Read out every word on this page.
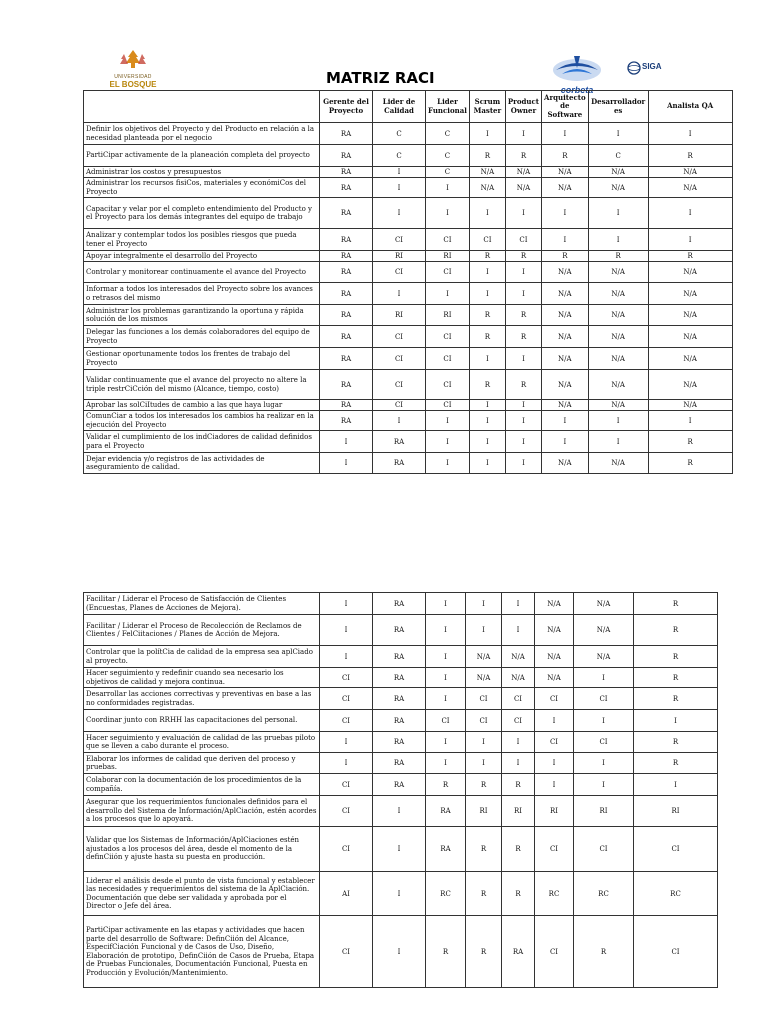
UNIVERSIDAD
EL BOSQUE	MATRIZ RACI
corbeta
SIGA
	Gerente del Proyecto	Lider de Calidad	Lider Funcional	Scrum Master	Product Owner	Arquitecto de Software	Desarrollador es	Analista QA
Definir los objetivos del Proyecto y del Producto en relación a la necesidad planteada por el negocio	RA	C	C	I	I	I	I	I
PartiCipar activamente de la planeación completa del proyecto	RA	C	C	R	R	R	C	R
Administrar los costos y presupuestos	RA	I	C	N/A	N/A	N/A	N/A	N/A
Administrar los recursos fisiCos, materiales y económiCos del Proyecto	RA	I	I	N/A	N/A	N/A	N/A	N/A
Capacitar y velar por el completo entendimiento del Producto y el Proyecto para los demás integrantes del equipo de trabajo	RA	I	I	I	I	I	I	I
Analizar y contemplar todos los posibles riesgos que pueda tener el Proyecto	RA	CI	CI	CI	CI	I	I	I
Apoyar integralmente el desarrollo del Proyecto	RA	RI	RI	R	R	R	R	R
Controlar y monitorear continuamente el avance del Proyecto	RA	CI	CI	I	I	N/A	N/A	N/A
Informar a todos los interesados del Proyecto sobre los avances o retrasos del mismo	RA	I	I	I	I	N/A	N/A	N/A
Administrar los problemas garantizando la oportuna y rápida solución de los mismos	RA	RI	RI	R	R	N/A	N/A	N/A
Delegar las funciones a los demás colaboradores del equipo de Proyecto	RA	CI	CI	R	R	N/A	N/A	N/A
Gestionar oportunamente todos los frentes de trabajo del Proyecto	RA	CI	CI	I	I	N/A	N/A	N/A
Validar continuamente que el avance del proyecto no altere la triple restrCiCción del mismo (Alcance, tiempo, costo)	RA	CI	CI	R	R	N/A	N/A	N/A
Aprobar las solCiItudes de cambio a las que haya lugar	RA	CI	CI	I	I	N/A	N/A	N/A
ComunCiar a todos los interesados los cambios ha realizar en la ejecución del Proyecto	RA	I	I	I	I	I	I	I
Validar el cumplimiento de los indCiadores de calidad definidos para el Proyecto	I	RA	I	I	I	I	I	R
Dejar evidencia y/o registros de las actividades de aseguramiento de calidad.	I	RA	I	I	I	N/A	N/A	R
Facilitar / Liderar el Proceso de Satisfacción de Clientes (Encuestas, Planes de Acciones de Mejora).	I	RA	I	I	I	N/A	N/A	R
Facilitar / Liderar el Proceso de Recolección de Reclamos de Clientes / FelCiitaciones / Planes de Acción de Mejora.	I	RA	I	I	I	N/A	N/A	R
Controlar que la polítCia de calidad de la empresa sea aplCiado al proyecto.	I	RA	I	N/A	N/A	N/A	N/A	R
Hacer seguimiento y redefinir cuando sea necesario los objetivos de calidad y mejora continua.	CI	RA	I	N/A	N/A	N/A	I	R
Desarrollar las acciones correctivas y preventivas en base a las no conformidades registradas.	CI	RA	I	CI	CI	CI	CI	R
Coordinar junto con RRHH las capacitaciones del personal.	CI	RA	CI	CI	CI	I	I	I
Hacer seguimiento y evaluación de calidad de las pruebas piloto que se lleven a cabo durante el proceso.	I	RA	I	I	I	CI	CI	R
Elaborar los informes de calidad que deriven del proceso y pruebas.	I	RA	I	I	I	I	I	R
Colaborar con la documentación de los procedimientos de la compañía.	CI	RA	R	R	R	I	I	I
Asegurar que los requerimientos funcionales definidos para el desarrollo del Sistema de Información/AplCiación, estén acordes a los procesos que lo apoyará.	CI	I	RA	RI	RI	RI	RI	RI
Validar que los Sistemas de Información/AplCiaciones estén ajustados a los procesos del área, desde el momento de la definCiión y ajuste hasta su puesta en producción.	CI	I	RA	R	R	CI	CI	CI
Liderar el análisis desde el punto de vista funcional y establecer las necesidades y requerimientos del sistema de la AplCiación. Documentación que debe ser validada y aprobada por el Director o Jefe del área.	AI	I	RC	R	R	RC	RC	RC
PartiCipar activamente en las etapas y actividades que hacen parte del desarrollo de Software: DefinCiión del Alcance, EspecifCiación Funcional y de Casos de Uso, Diseño, Elaboración de prototipo, DefinCiión de Casos de Prueba, Etapa de Pruebas Funcionales, Documentación Funcional, Puesta en Producción y Evolución/Mantenimiento.	CI	I	R	R	RA	CI	R	CI
